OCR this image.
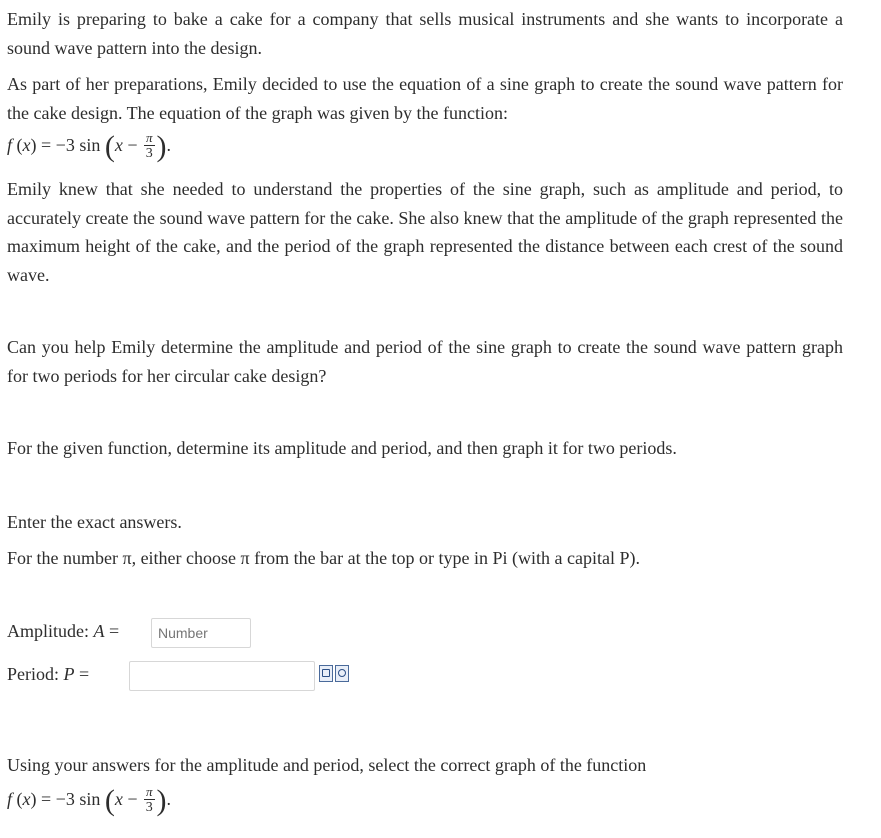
Emily is preparing to bake a cake for a company that sells musical instruments and she wants to incorporate a sound wave pattern into the design.

As part of her preparations, Emily decided to use the equation of a sine graph to create the sound wave pattern for the cake design. The equation of the graph was given by the function:

f (x) = −3 $\sin (x - \frac{\pi}{3}$ ).

Emily knew that she needed to understand the properties of the sine graph, such as amplitude and period, to accurately create the sound wave pattern for the cake. She also knew that the amplitude of the graph represented the maximum height of the cake, and the period of the graph represented the distance between each crest of the sound wave.

Can you help Emily determine the amplitude and period of the sine graph to create the sound wave pattern graph for two periods for her circular cake design?

For the given function, determine its amplitude and period, and then graph it for two periods.

Enter the exact answers.

For the number π, either choose π from the bar at the top or type in Pi (with a capital P).

Amplitude: A =
Number
Period: P =

Using your answers for the amplitude and period, select the correct graph of the function

f (x) = −3 $\sin (x - \frac{\pi}{3}$ ).
